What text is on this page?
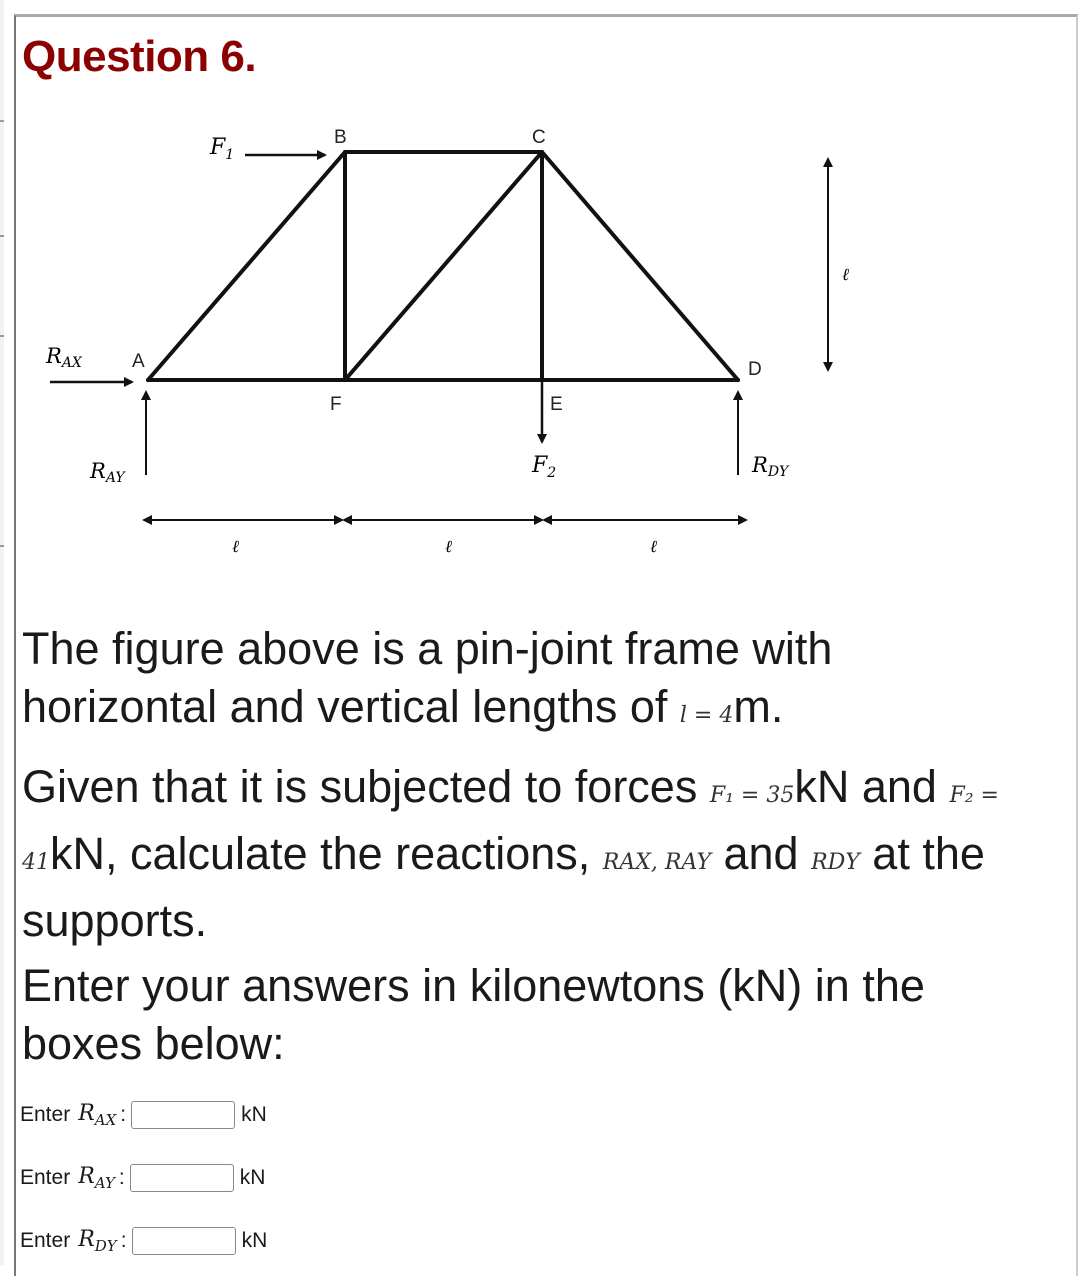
Question 6.
$F_1$
B	C
A	D
F	E
RAX
RAY	$F_2$	RDY
ℓ
ℓ	ℓ	ℓ
The figure above is a pin-joint frame with horizontal and vertical lengths of l = 4m.
Given that it is subjected to forces F₁ = 35kN and F₂ = 41kN, calculate the reactions, RAX, RAY and RDY at the supports.
Enter your answers in kilonewtons (kN) in the boxes below:
Enter $R_{AX}$ :	kN
Enter $R_{AY}$ :	kN
Enter $R_{DY}$ :	kN
